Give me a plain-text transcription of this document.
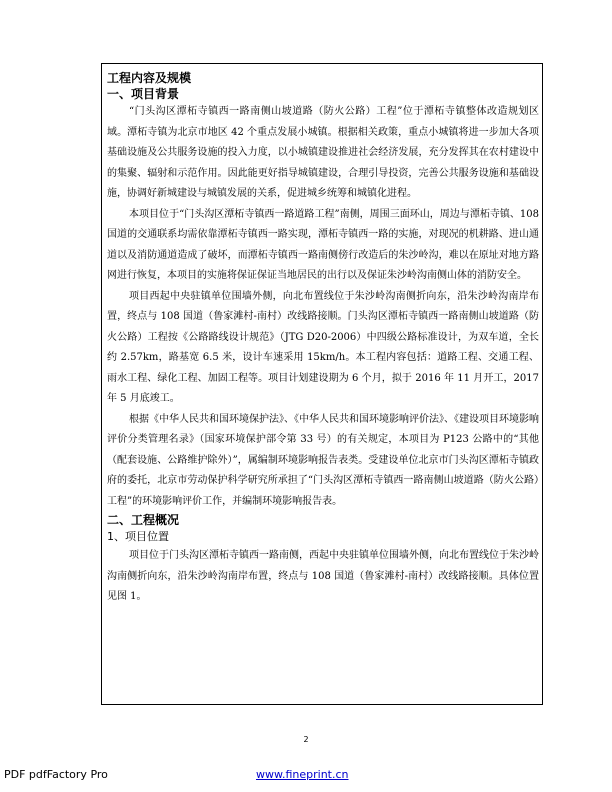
工程内容及规模

一、项目背景

“门头沟区潭柘寺镇西一路南侧山坡道路（防火公路）工程”位于潭柘寺镇整体改造规划区域。潭柘寺镇为北京市地区 42 个重点发展小城镇。根据相关政策，重点小城镇将进一步加大各项基础设施及公共服务设施的投入力度，以小城镇建设推进社会经济发展，充分发挥其在农村建设中的集聚、辐射和示范作用。因此能更好指导城镇建设，合理引导投资，完善公共服务设施和基础设施，协调好新城建设与城镇发展的关系，促进城乡统筹和城镇化进程。

本项目位于“门头沟区潭柘寺镇西一路道路工程”南侧，周围三面环山，周边与潭柘寺镇、108 国道的交通联系均需依靠潭柘寺镇西一路实现，潭柘寺镇西一路的实施，对现况的机耕路、进山通道以及消防通道造成了破坏，而潭柘寺镇西一路南侧傍行改造后的朱沙岭沟，难以在原址对地方路网进行恢复，本项目的实施将保证保证当地居民的出行以及保证朱沙岭沟南侧山体的消防安全。

项目西起中央驻镇单位围墙外侧，向北布置线位于朱沙岭沟南侧折向东，沿朱沙岭沟南岸布置，终点与 108 国道（鲁家滩村-南村）改线路接顺。门头沟区潭柘寺镇西一路南侧山坡道路（防火公路）工程按《公路路线设计规范》（JTG D20-2006）中四级公路标准设计，为双车道，全长约 2.57km，路基宽 6.5 米，设计车速采用 15km/h。本工程内容包括：道路工程、交通工程、雨水工程、绿化工程、加固工程等。项目计划建设期为 6 个月，拟于 2016 年 11 月开工，2017 年 5 月底竣工。

根据《中华人民共和国环境保护法》、《中华人民共和国环境影响评价法》、《建设项目环境影响评价分类管理名录》（国家环境保护部令第 33 号）的有关规定，本项目为 P123 公路中的“其他（配套设施、公路维护除外）”，属编制环境影响报告表类。受建设单位北京市门头沟区潭柘寺镇政府的委托，北京市劳动保护科学研究所承担了“门头沟区潭柘寺镇西一路南侧山坡道路（防火公路）工程”的环境影响评价工作，并编制环境影响报告表。

二、工程概况

1、项目位置

项目位于门头沟区潭柘寺镇西一路南侧，西起中央驻镇单位围墙外侧，向北布置线位于朱沙岭沟南侧折向东，沿朱沙岭沟南岸布置，终点与 108 国道（鲁家滩村-南村）改线路接顺。具体位置见图 1。

2
PDF pdfFactory Pro	www.fineprint.cn
